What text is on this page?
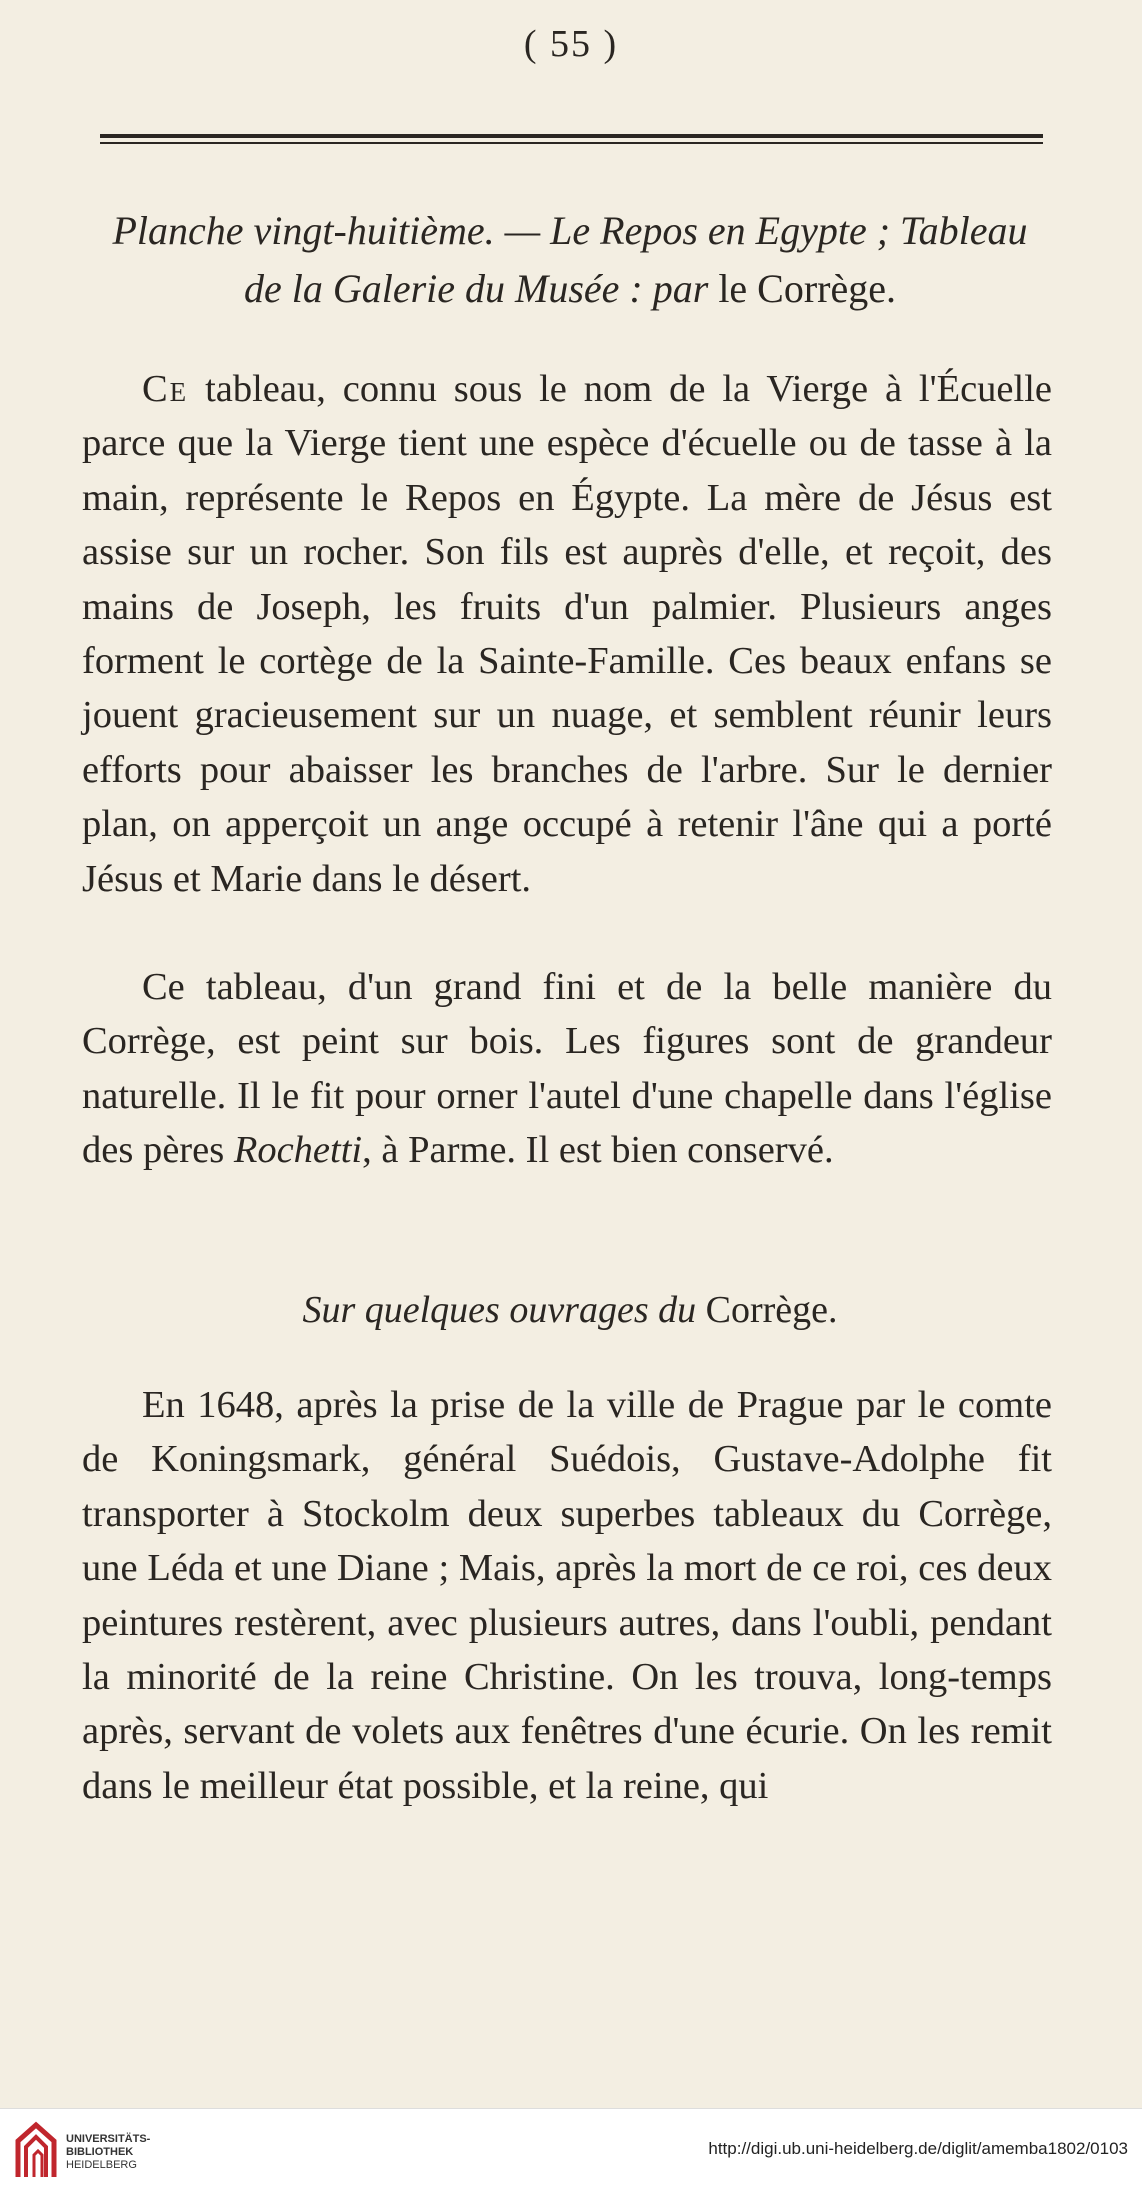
( 55 )
Planche vingt-huitième. — Le Repos en Egypte ; Tableau
de la Galerie du Musée : par le Corrège.

Ce tableau, connu sous le nom de la Vierge à l'Écuelle parce que la Vierge tient une espèce d'écuelle ou de tasse à la main, représente le Repos en Égypte. La mère de Jésus est assise sur un rocher. Son fils est auprès d'elle, et reçoit, des mains de Joseph, les fruits d'un palmier. Plusieurs anges forment le cortège de la Sainte-Famille. Ces beaux enfans se jouent gracieusement sur un nuage, et semblent réunir leurs efforts pour abaisser les branches de l'arbre. Sur le dernier plan, on apperçoit un ange occupé à retenir l'âne qui a porté Jésus et Marie dans le désert.

Ce tableau, d'un grand fini et de la belle manière du Corrège, est peint sur bois. Les figures sont de grandeur naturelle. Il le fit pour orner l'autel d'une chapelle dans l'église des pères Rochetti, à Parme. Il est bien conservé.

Sur quelques ouvrages du Corrège.

En 1648, après la prise de la ville de Prague par le comte de Koningsmark, général Suédois, Gustave-Adolphe fit transporter à Stockolm deux superbes tableaux du Corrège, une Léda et une Diane ; Mais, après la mort de ce roi, ces deux peintures restèrent, avec plusieurs autres, dans l'oubli, pendant la minorité de la reine Christine. On les trouva, long-temps après, servant de volets aux fenêtres d'une écurie. On les remit dans le meilleur état possible, et la reine, qui

UNIVERSITÄTS-
BIBLIOTHEK
HEIDELBERG
http://digi.ub.uni-heidelberg.de/diglit/amemba1802/0103
